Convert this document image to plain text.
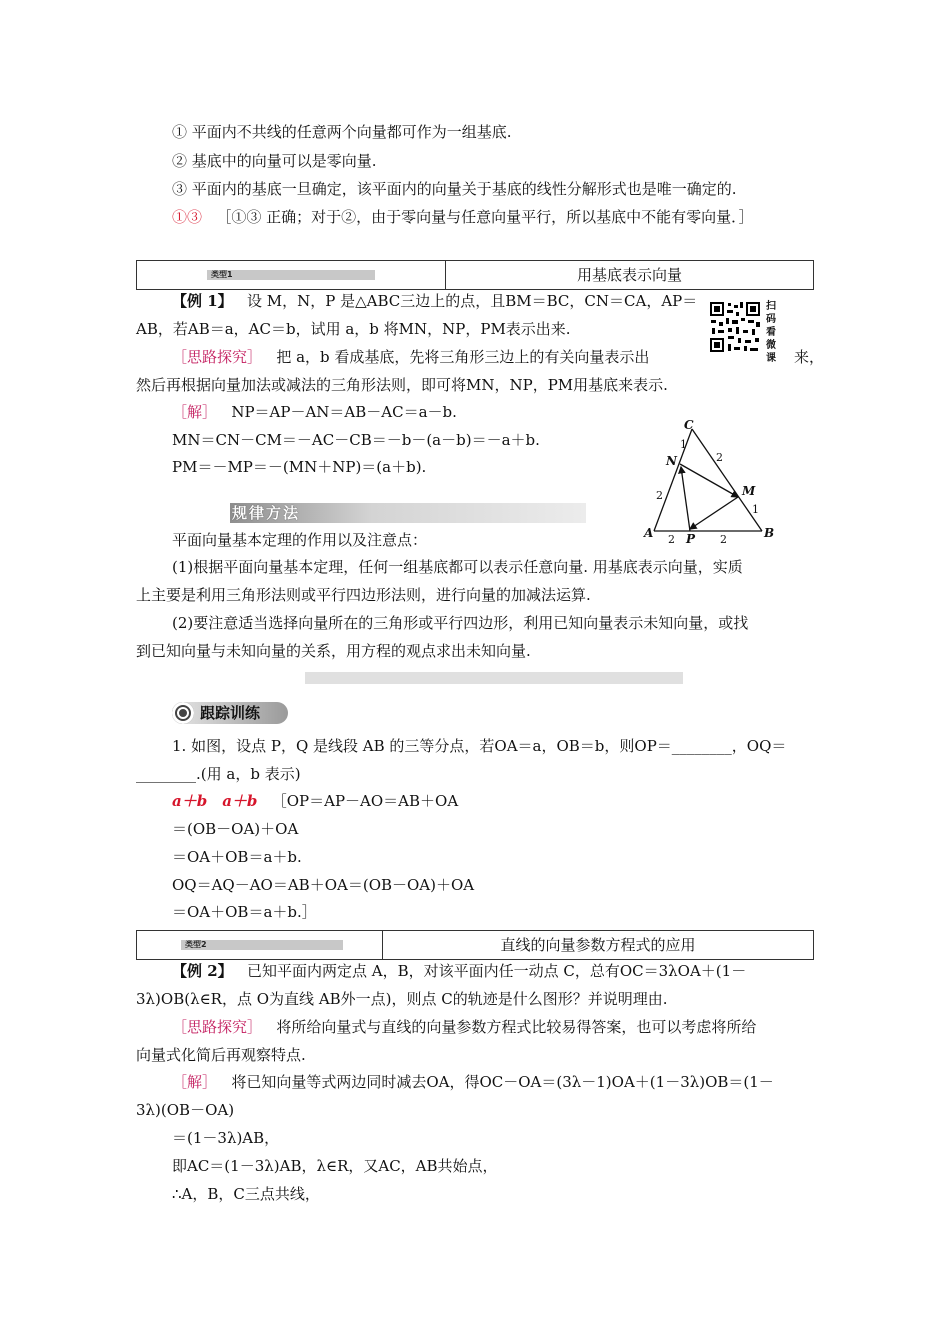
① 平面内不共线的任意两个向量都可作为一组基底.
② 基底中的向量可以是零向量.
③ 平面内的基底一旦确定，该平面内的向量关于基底的线性分解形式也是唯一确定的.
①③ ［①③ 正确；对于②，由于零向量与任意向量平行，所以基底中不能有零向量．］
类型1	用基底表示向量
【例 1】 设 M，N，P 是△ABC三边上的点，且BM＝BC，CN＝CA，AP＝
AB，若AB＝a，AC＝b，试用 a，b 将MN，NP，PM表示出来.
扫码看微课
［思路探究］ 把 a，b 看成基底，先将三角形三边上的有关向量表示出	来，
然后再根据向量加法或减法的三角形法则，即可将MN，NP，PM用基底来表示.
［解］ NP＝AP－AN＝AB－AC＝a－b.
MN＝CN－CM＝－AC－CB＝－b－(a－b)＝－a＋b.
PM＝－MP＝－(MN＋NP)＝(a＋b).
C
N
M
A	P	B
1
2
2
2
1
2
规律方法
平面向量基本定理的作用以及注意点：
(1)根据平面向量基本定理，任何一组基底都可以表示任意向量. 用基底表示向量，实质
上主要是利用三角形法则或平行四边形法则，进行向量的加减法运算.
(2)要注意适当选择向量所在的三角形或平行四边形，利用已知向量表示未知向量，或找
到已知向量与未知向量的关系，用方程的观点求出未知向量.
跟踪训练
1. 如图，设点 P，Q 是线段 AB 的三等分点，若OA＝a，OB＝b，则OP＝________，OQ＝
________.(用 a，b 表示)
a＋b　a＋b ［OP＝AP－AO＝AB＋OA
＝(OB－OA)＋OA
＝OA＋OB＝a＋b.
OQ＝AQ－AO＝AB＋OA＝(OB－OA)＋OA
＝OA＋OB＝a＋b.］
类型2	直线的向量参数方程式的应用
【例 2】 已知平面内两定点 A，B，对该平面内任一动点 C，总有OC＝3λOA＋(1－
3λ)OB(λ∈R，点 O为直线 AB外一点)，则点 C的轨迹是什么图形？并说明理由.
［思路探究］ 将所给向量式与直线的向量参数方程式比较易得答案，也可以考虑将所给
向量式化简后再观察特点.
［解］ 将已知向量等式两边同时减去OA，得OC－OA＝(3λ－1)OA＋(1－3λ)OB＝(1－
3λ)(OB－OA)
＝(1－3λ)AB，
即AC＝(1－3λ)AB，λ∈R，又AC，AB共始点，
∴A，B，C三点共线，
